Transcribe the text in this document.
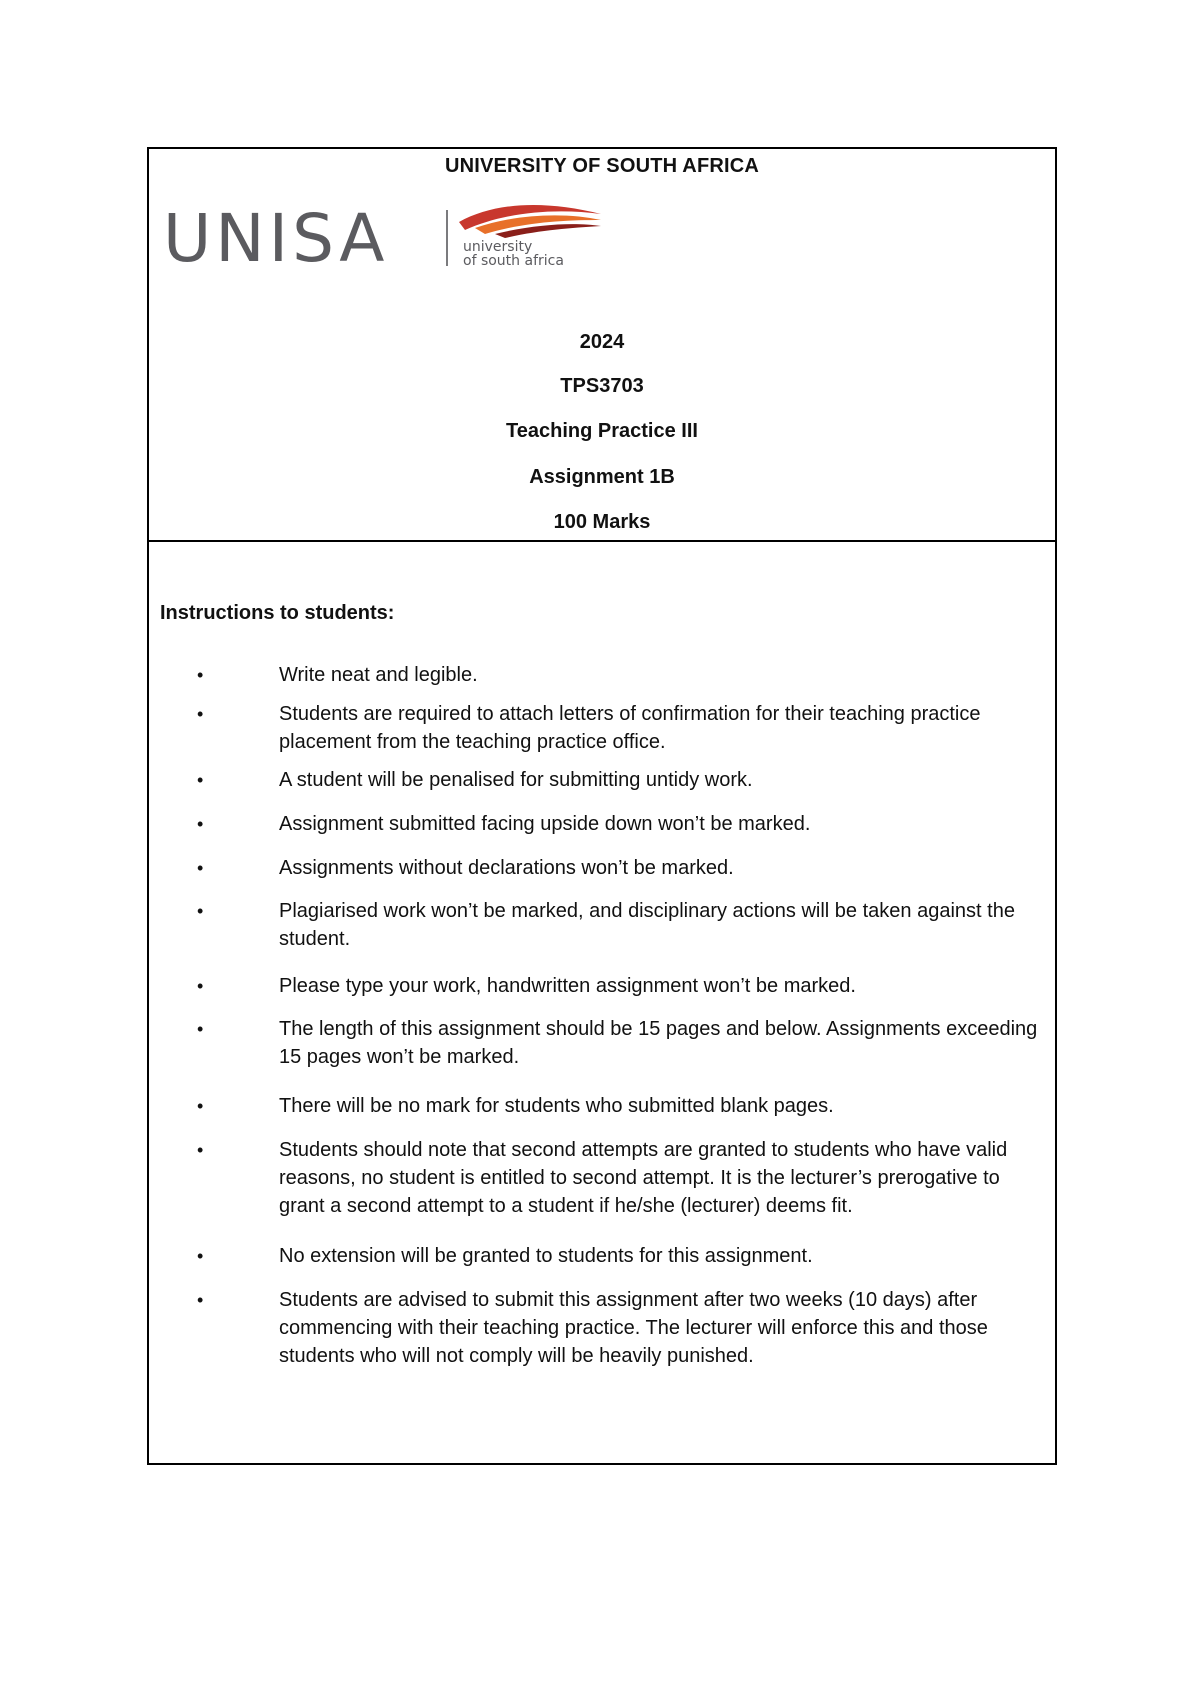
UNIVERSITY OF SOUTH AFRICA
UNISA	university
of south africa
2024
TPS3703
Teaching Practice III
Assignment 1B
100 Marks
Instructions to students:
•	Write neat and legible.
•	Students are required to attach letters of confirmation for their teaching practice placement from the teaching practice office.
•	A student will be penalised for submitting untidy work.
•	Assignment submitted facing upside down won’t be marked.
•	Assignments without declarations won’t be marked.
•	Plagiarised work won’t be marked, and disciplinary actions will be taken against the student.
•	Please type your work, handwritten assignment won’t be marked.
•	The length of this assignment should be 15 pages and below. Assignments exceeding 15 pages won’t be marked.
•	There will be no mark for students who submitted blank pages.
•	Students should note that second attempts are granted to students who have valid reasons, no student is entitled to second attempt. It is the lecturer’s prerogative to grant a second attempt to a student if he/she (lecturer) deems fit.
•	No extension will be granted to students for this assignment.
•	Students are advised to submit this assignment after two weeks (10 days) after commencing with their teaching practice. The lecturer will enforce this and those students who will not comply will be heavily punished.
